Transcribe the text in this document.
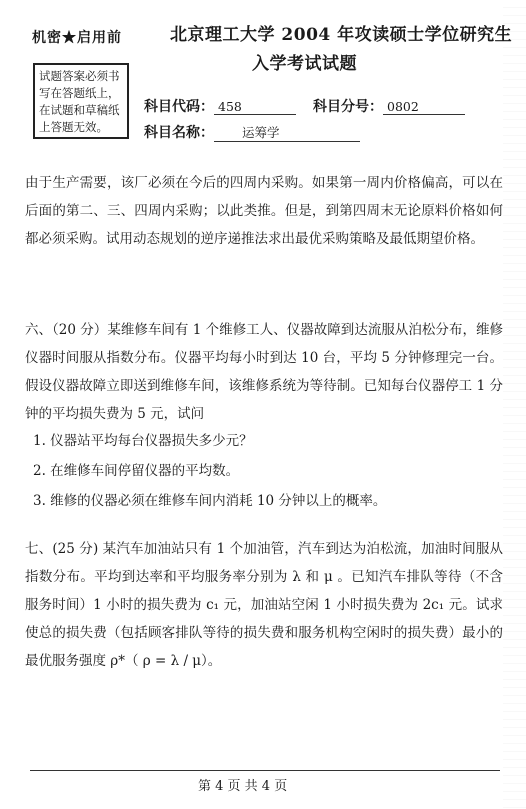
机密★启用前	北京理工大学 2004 年攻读硕士学位研究生
入学考试试题
试题答案必须书
写在答题纸上，
在试题和草稿纸
上答题无效。
科目代码： 458	科目分号： 0802
科目名称： 运筹学
由于生产需要，该厂必须在今后的四周内采购。如果第一周内价格偏高，可以在后面的第二、三、四周内采购；以此类推。但是，到第四周末无论原料价格如何都必须采购。试用动态规划的逆序递推法求出最优采购策略及最低期望价格。
六、（20 分）某维修车间有 1 个维修工人、仪器故障到达流服从泊松分布，维修仪器时间服从指数分布。仪器平均每小时到达 10 台，平均 5 分钟修理完一台。假设仪器故障立即送到维修车间，该维修系统为等待制。已知每台仪器停工 1 分钟的平均损失费为 5 元，试问
1. 仪器站平均每台仪器损失多少元？
2. 在维修车间停留仪器的平均数。
3. 维修的仪器必须在维修车间内消耗 10 分钟以上的概率。
七、(25 分) 某汽车加油站只有 1 个加油管，汽车到达为泊松流，加油时间服从指数分布。平均到达率和平均服务率分别为 λ 和 μ 。已知汽车排队等待（不含服务时间）1 小时的损失费为 c₁ 元，加油站空闲 1 小时损失费为 2c₁ 元。试求使总的损失费（包括顾客排队等待的损失费和服务机构空闲时的损失费）最小的最优服务强度 ρ*（ ρ = λ / μ）。
第 4 页 共 4 页
